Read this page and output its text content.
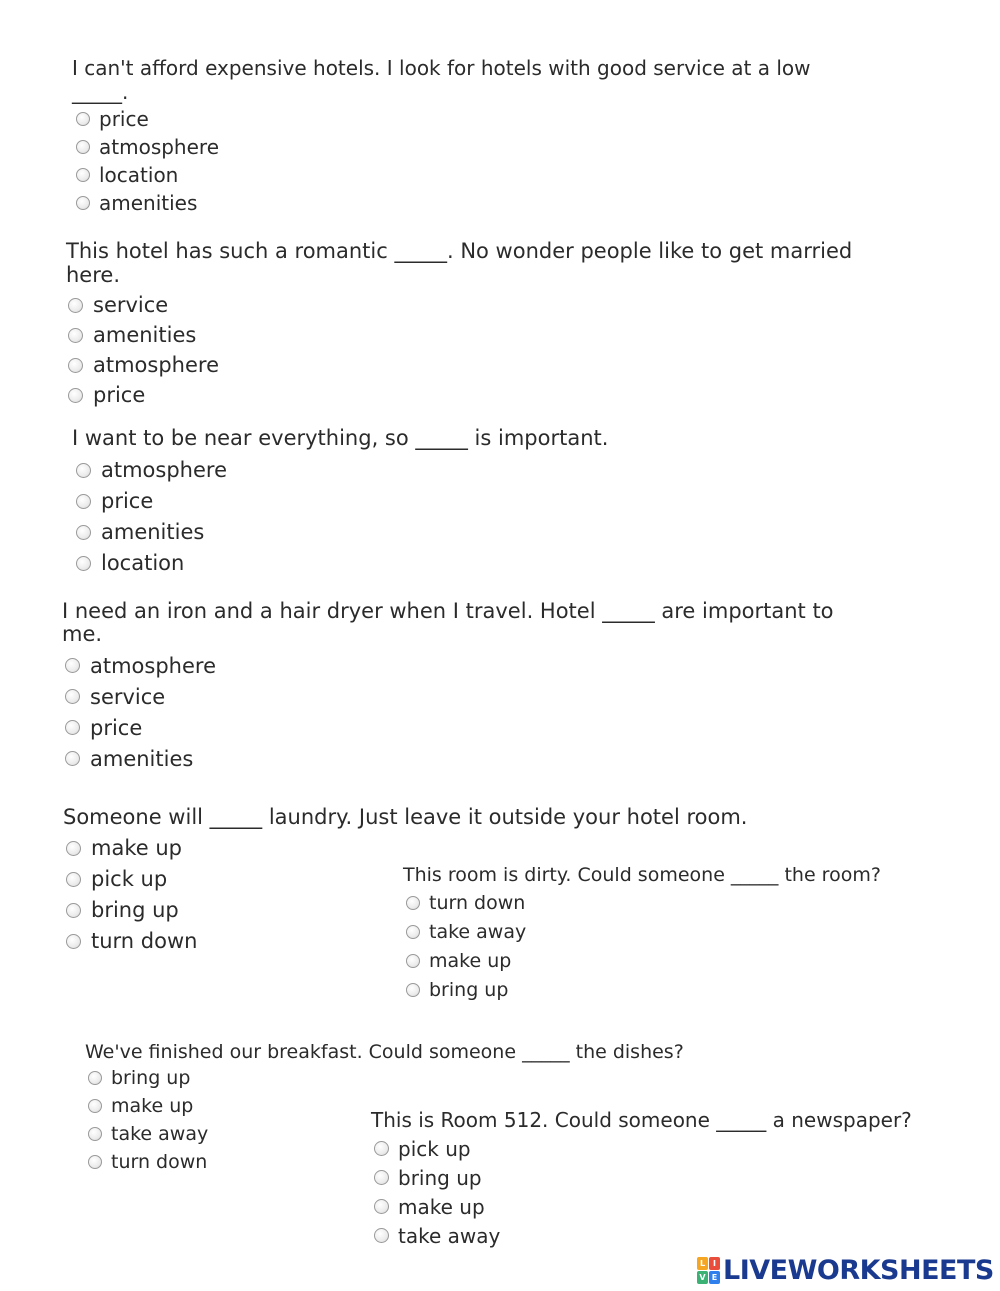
I can't afford expensive hotels. I look for hotels with good service at a low
_____.

price
atmosphere
location
amenities

This hotel has such a romantic _____. No wonder people like to get married
here.

service
amenities
atmosphere
price

I want to be near everything, so _____ is important.

atmosphere
price
amenities
location

I need an iron and a hair dryer when I travel. Hotel _____ are important to
me.

atmosphere
service
price
amenities

Someone will _____ laundry. Just leave it outside your hotel room.

make up
pick up
bring up
turn down

This room is dirty. Could someone _____ the room?

turn down
take away
make up
bring up

We've finished our breakfast. Could someone _____ the dishes?

bring up
make up
take away
turn down

This is Room 512. Could someone _____ a newspaper?

pick up
bring up
make up
take away
L I
V E LIVEWORKSHEETS
